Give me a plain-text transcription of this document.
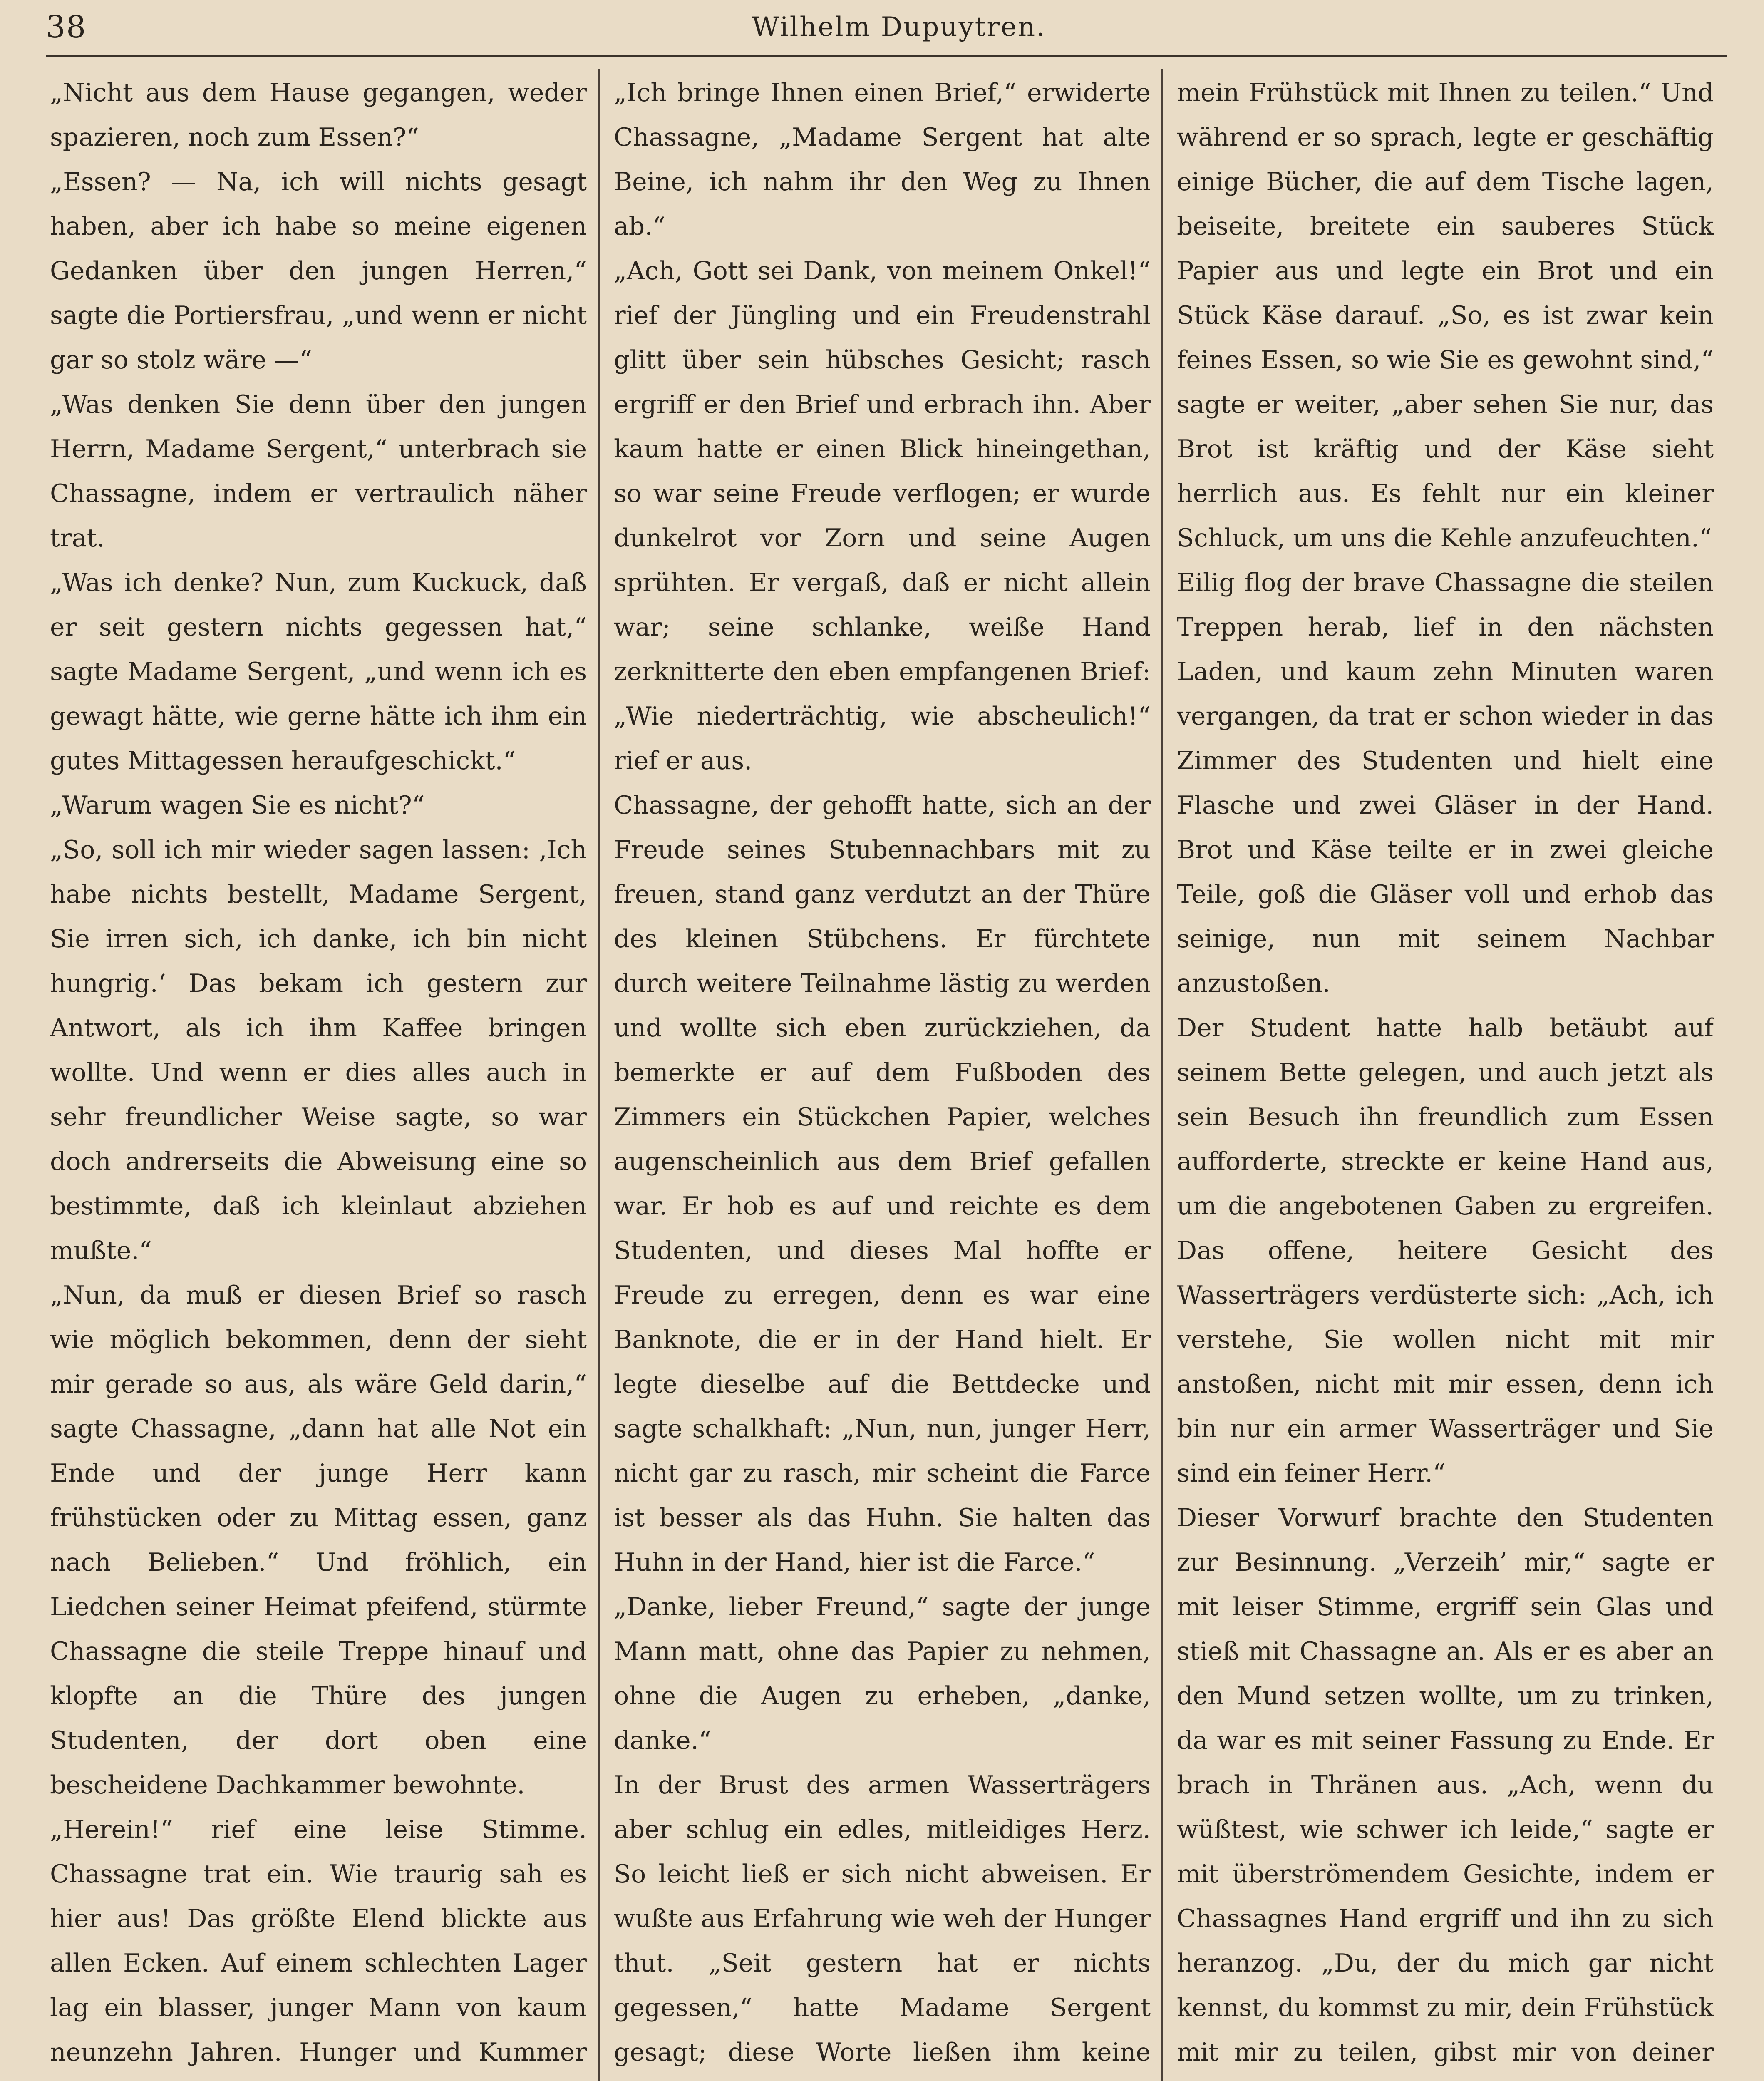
38	Wilhelm Dupuytren.

„Nicht aus dem Hause gegangen, weder spazieren, noch zum Essen?“

„Essen? — Na, ich will nichts gesagt haben, aber ich habe so meine eigenen Gedanken über den jungen Herren,“ sagte die Portiersfrau, „und wenn er nicht gar so stolz wäre —“

„Was denken Sie denn über den jungen Herrn, Madame Sergent,“ unterbrach sie Chassagne, indem er vertraulich näher trat.

„Was ich denke? Nun, zum Kuckuck, daß er seit gestern nichts gegessen hat,“ sagte Madame Sergent, „und wenn ich es gewagt hätte, wie gerne hätte ich ihm ein gutes Mittagessen heraufgeschickt.“

„Warum wagen Sie es nicht?“

„So, soll ich mir wieder sagen lassen: ‚Ich habe nichts bestellt, Madame Sergent, Sie irren sich, ich danke, ich bin nicht hungrig.‘ Das bekam ich gestern zur Antwort, als ich ihm Kaffee bringen wollte. Und wenn er dies alles auch in sehr freundlicher Weise sagte, so war doch andrerseits die Abweisung eine so bestimmte, daß ich kleinlaut abziehen mußte.“

„Nun, da muß er diesen Brief so rasch wie möglich bekommen, denn der sieht mir gerade so aus, als wäre Geld darin,“ sagte Chassagne, „dann hat alle Not ein Ende und der junge Herr kann frühstücken oder zu Mittag essen, ganz nach Belieben.“ Und fröhlich, ein Liedchen seiner Heimat pfeifend, stürmte Chassagne die steile Treppe hinauf und klopfte an die Thüre des jungen Studenten, der dort oben eine bescheidene Dachkammer bewohnte.

„Herein!“ rief eine leise Stimme. Chassagne trat ein. Wie traurig sah es hier aus! Das größte Elend blickte aus allen Ecken. Auf einem schlechten Lager lag ein blasser, junger Mann von kaum neunzehn Jahren. Hunger und Kummer

„Ich bringe Ihnen einen Brief,“ erwiderte Chassagne, „Madame Sergent hat alte Beine, ich nahm ihr den Weg zu Ihnen ab.“

„Ach, Gott sei Dank, von meinem Onkel!“ rief der Jüngling und ein Freudenstrahl glitt über sein hübsches Gesicht; rasch ergriff er den Brief und erbrach ihn. Aber kaum hatte er einen Blick hineingethan, so war seine Freude verflogen; er wurde dunkelrot vor Zorn und seine Augen sprühten. Er vergaß, daß er nicht allein war; seine schlanke, weiße Hand zerknitterte den eben empfangenen Brief: „Wie niederträchtig, wie abscheulich!“ rief er aus.

Chassagne, der gehofft hatte, sich an der Freude seines Stubennachbars mit zu freuen, stand ganz verdutzt an der Thüre des kleinen Stübchens. Er fürchtete durch weitere Teilnahme lästig zu werden und wollte sich eben zurückziehen, da bemerkte er auf dem Fußboden des Zimmers ein Stückchen Papier, welches augenscheinlich aus dem Brief gefallen war. Er hob es auf und reichte es dem Studenten, und dieses Mal hoffte er Freude zu erregen, denn es war eine Banknote, die er in der Hand hielt. Er legte dieselbe auf die Bettdecke und sagte schalkhaft: „Nun, nun, junger Herr, nicht gar zu rasch, mir scheint die Farce ist besser als das Huhn. Sie halten das Huhn in der Hand, hier ist die Farce.“

„Danke, lieber Freund,“ sagte der junge Mann matt, ohne das Papier zu nehmen, ohne die Augen zu erheben, „danke, danke.“

In der Brust des armen Wasserträgers aber schlug ein edles, mitleidiges Herz. So leicht ließ er sich nicht abweisen. Er wußte aus Erfahrung wie weh der Hunger thut. „Seit gestern hat er nichts gegessen,“ hatte Madame Sergent gesagt; diese Worte ließen ihm keine

mein Frühstück mit Ihnen zu teilen.“ Und während er so sprach, legte er geschäftig einige Bücher, die auf dem Tische lagen, beiseite, breitete ein sauberes Stück Papier aus und legte ein Brot und ein Stück Käse darauf. „So, es ist zwar kein feines Essen, so wie Sie es gewohnt sind,“ sagte er weiter, „aber sehen Sie nur, das Brot ist kräftig und der Käse sieht herrlich aus. Es fehlt nur ein kleiner Schluck, um uns die Kehle anzufeuchten.“

Eilig flog der brave Chassagne die steilen Treppen herab, lief in den nächsten Laden, und kaum zehn Minuten waren vergangen, da trat er schon wieder in das Zimmer des Studenten und hielt eine Flasche und zwei Gläser in der Hand. Brot und Käse teilte er in zwei gleiche Teile, goß die Gläser voll und erhob das seinige, nun mit seinem Nachbar anzustoßen.

Der Student hatte halb betäubt auf seinem Bette gelegen, und auch jetzt als sein Besuch ihn freundlich zum Essen aufforderte, streckte er keine Hand aus, um die angebotenen Gaben zu ergreifen. Das offene, heitere Gesicht des Wasserträgers verdüsterte sich: „Ach, ich verstehe, Sie wollen nicht mit mir anstoßen, nicht mit mir essen, denn ich bin nur ein armer Wasserträger und Sie sind ein feiner Herr.“

Dieser Vorwurf brachte den Studenten zur Besinnung. „Verzeih’ mir,“ sagte er mit leiser Stimme, ergriff sein Glas und stieß mit Chassagne an. Als er es aber an den Mund setzen wollte, um zu trinken, da war es mit seiner Fassung zu Ende. Er brach in Thränen aus. „Ach, wenn du wüßtest, wie schwer ich leide,“ sagte er mit überströmendem Gesichte, indem er Chassagnes Hand ergriff und ihn zu sich heranzog. „Du, der du mich gar nicht kennst, du kommst zu mir, dein Frühstück mit mir zu teilen, gibst mir von deiner
